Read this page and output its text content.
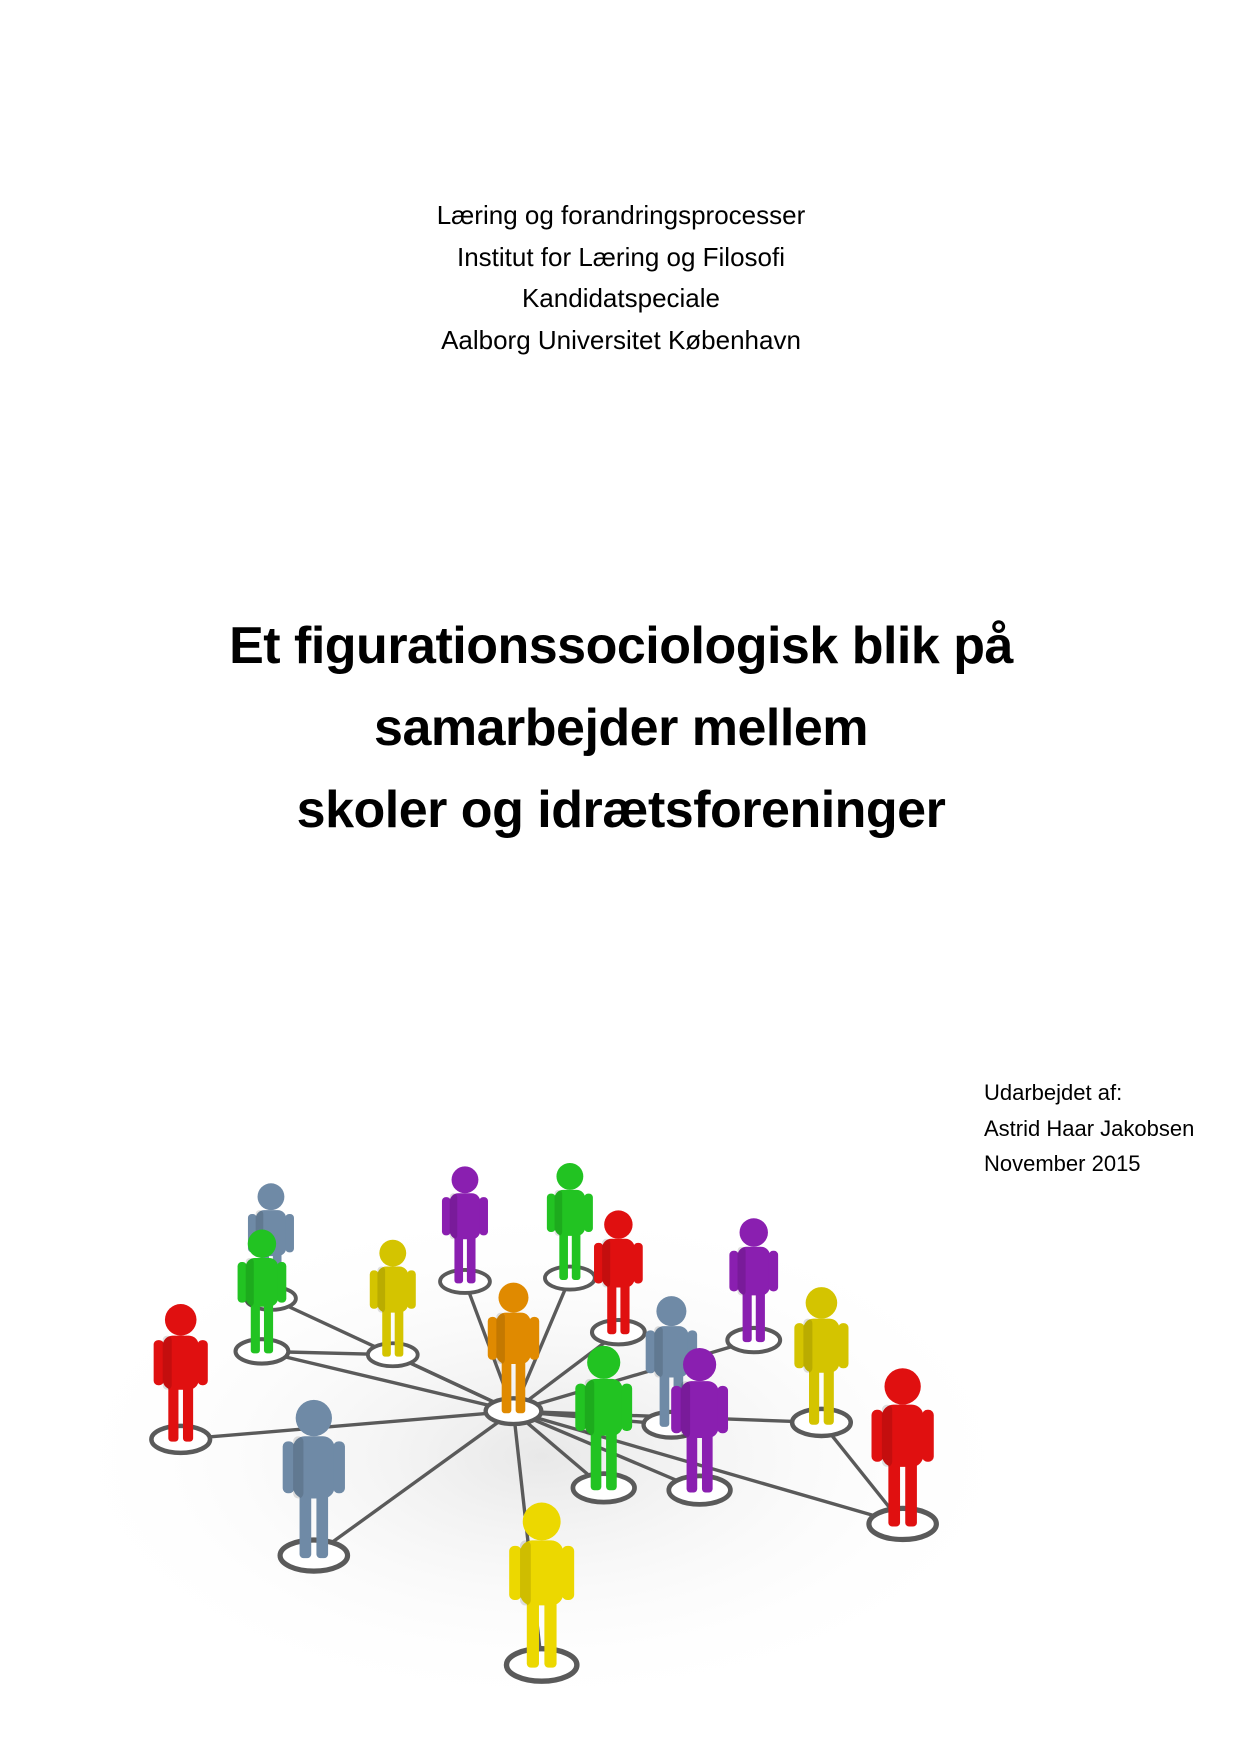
Læring og forandringsprocesser
Institut for Læring og Filosofi
Kandidatspeciale
Aalborg Universitet København
Et figurationssociologisk blik på
samarbejder mellem
skoler og idrætsforeninger
Udarbejdet af:
Astrid Haar Jakobsen
November 2015
